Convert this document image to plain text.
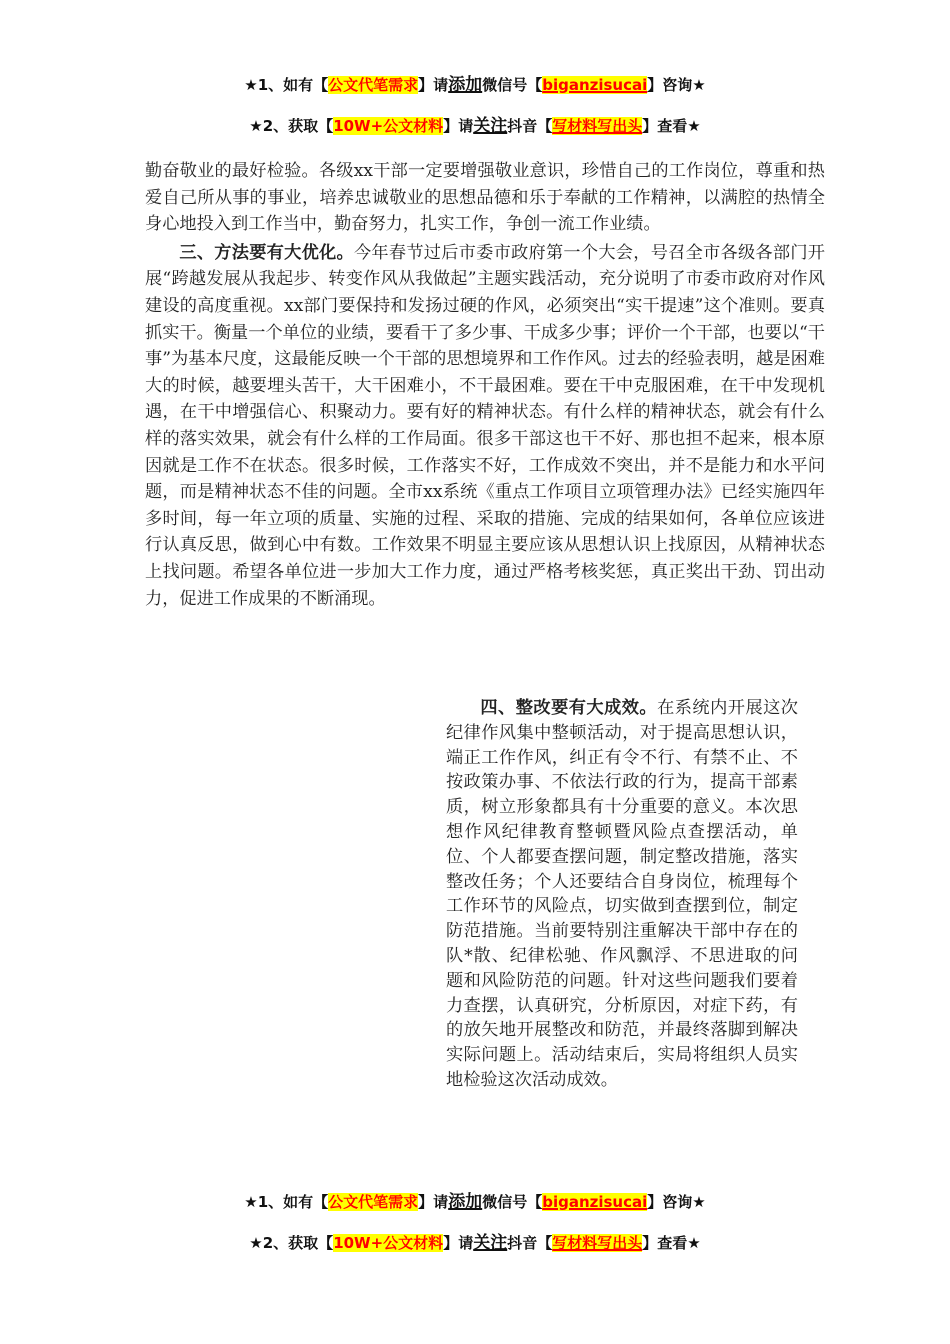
★1、如有【公文代笔需求】请添加微信号【biganzisucai】咨询★
★2、获取【10W+公文材料】请关注抖音【写材料写出头】查看★

勤奋敬业的最好检验。各级xx干部一定要增强敬业意识，珍惜自己的工作岗位，尊重和热爱自己所从事的事业，培养忠诚敬业的思想品德和乐于奉献的工作精神，以满腔的热情全身心地投入到工作当中，勤奋努力，扎实工作，争创一流工作业绩。

三、方法要有大优化。今年春节过后市委市政府第一个大会，号召全市各级各部门开展“跨越发展从我起步、转变作风从我做起”主题实践活动，充分说明了市委市政府对作风建设的高度重视。xx部门要保持和发扬过硬的作风，必须突出“实干提速”这个准则。要真抓实干。衡量一个单位的业绩，要看干了多少事、干成多少事；评价一个干部，也要以“干事”为基本尺度，这最能反映一个干部的思想境界和工作作风。过去的经验表明，越是困难大的时候，越要埋头苦干，大干困难小，不干最困难。要在干中克服困难，在干中发现机遇，在干中增强信心、积聚动力。要有好的精神状态。有什么样的精神状态，就会有什么样的落实效果，就会有什么样的工作局面。很多干部这也干不好、那也担不起来，根本原因就是工作不在状态。很多时候，工作落实不好，工作成效不突出，并不是能力和水平问题，而是精神状态不佳的问题。全市xx系统《重点工作项目立项管理办法》已经实施四年多时间，每一年立项的质量、实施的过程、采取的措施、完成的结果如何，各单位应该进行认真反思，做到心中有数。工作效果不明显主要应该从思想认识上找原因，从精神状态上找问题。希望各单位进一步加大工作力度，通过严格考核奖惩，真正奖出干劲、罚出动力，促进工作成果的不断涌现。

四、整改要有大成效。在系统内开展这次纪律作风集中整顿活动，对于提高思想认识，端正工作作风，纠正有令不行、有禁不止、不按政策办事、不依法行政的行为，提高干部素质，树立形象都具有十分重要的意义。本次思想作风纪律教育整顿暨风险点查摆活动，单位、个人都要查摆问题，制定整改措施，落实整改任务；个人还要结合自身岗位，梳理每个工作环节的风险点，切实做到查摆到位，制定防范措施。当前要特别注重解决干部中存在的队*散、纪律松驰、作风飘浮、不思进取的问题和风险防范的问题。针对这些问题我们要着力查摆，认真研究，分析原因，对症下药，有的放矢地开展整改和防范，并最终落脚到解决实际问题上。活动结束后，实局将组织人员实地检验这次活动成效。

★1、如有【公文代笔需求】请添加微信号【biganzisucai】咨询★
★2、获取【10W+公文材料】请关注抖音【写材料写出头】查看★
